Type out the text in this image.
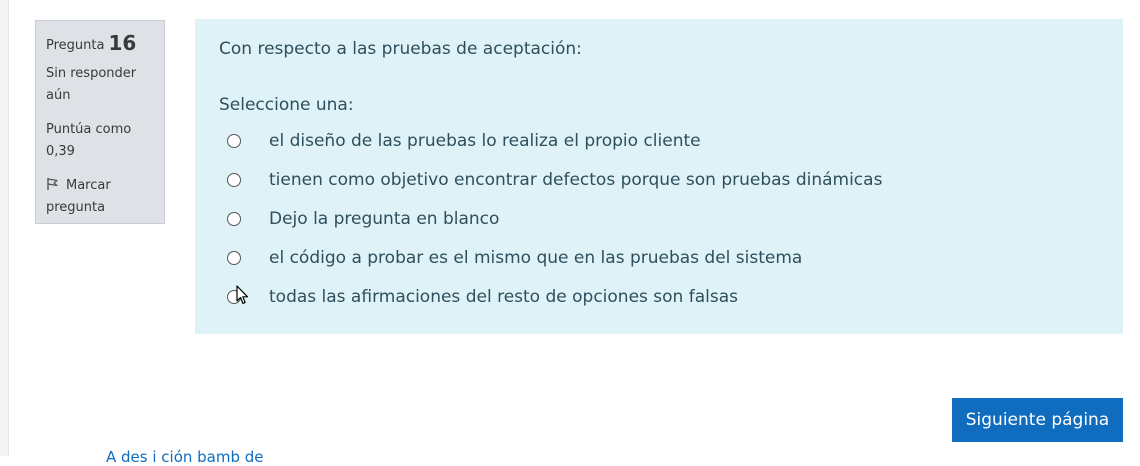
Pregunta 16
Sin responder aún
Puntúa como 0,39
Marcar pregunta
Con respecto a las pruebas de aceptación:
Seleccione una:
el diseño de las pruebas lo realiza el propio cliente
tienen como objetivo encontrar defectos porque son pruebas dinámicas
Dejo la pregunta en blanco
el código a probar es el mismo que en las pruebas del sistema
todas las afirmaciones del resto de opciones son falsas
Siguiente página
A des i ción bamb de
